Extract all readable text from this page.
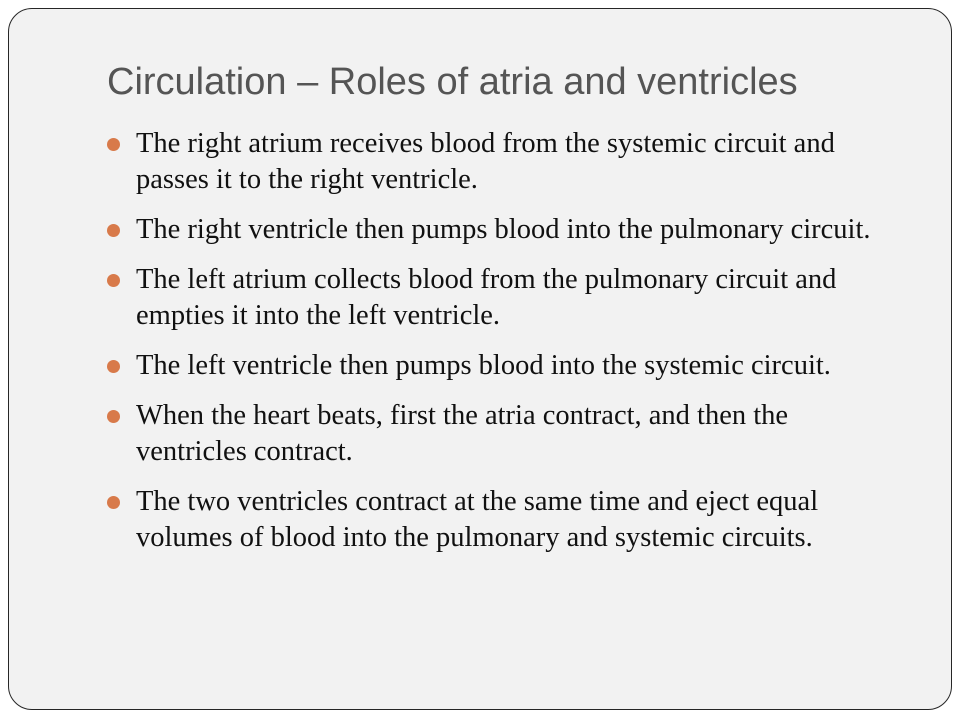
Circulation – Roles of atria and ventricles
The right atrium receives blood from the systemic circuit and passes it to the right ventricle.
The right ventricle then pumps blood into the pulmonary circuit.
The left atrium collects blood from the pulmonary circuit and empties it into the left ventricle.
The left ventricle then pumps blood into the systemic circuit.
When the heart beats, first the atria contract, and then the ventricles contract.
The two ventricles contract at the same time and eject equal volumes of blood into the pulmonary and systemic circuits.
